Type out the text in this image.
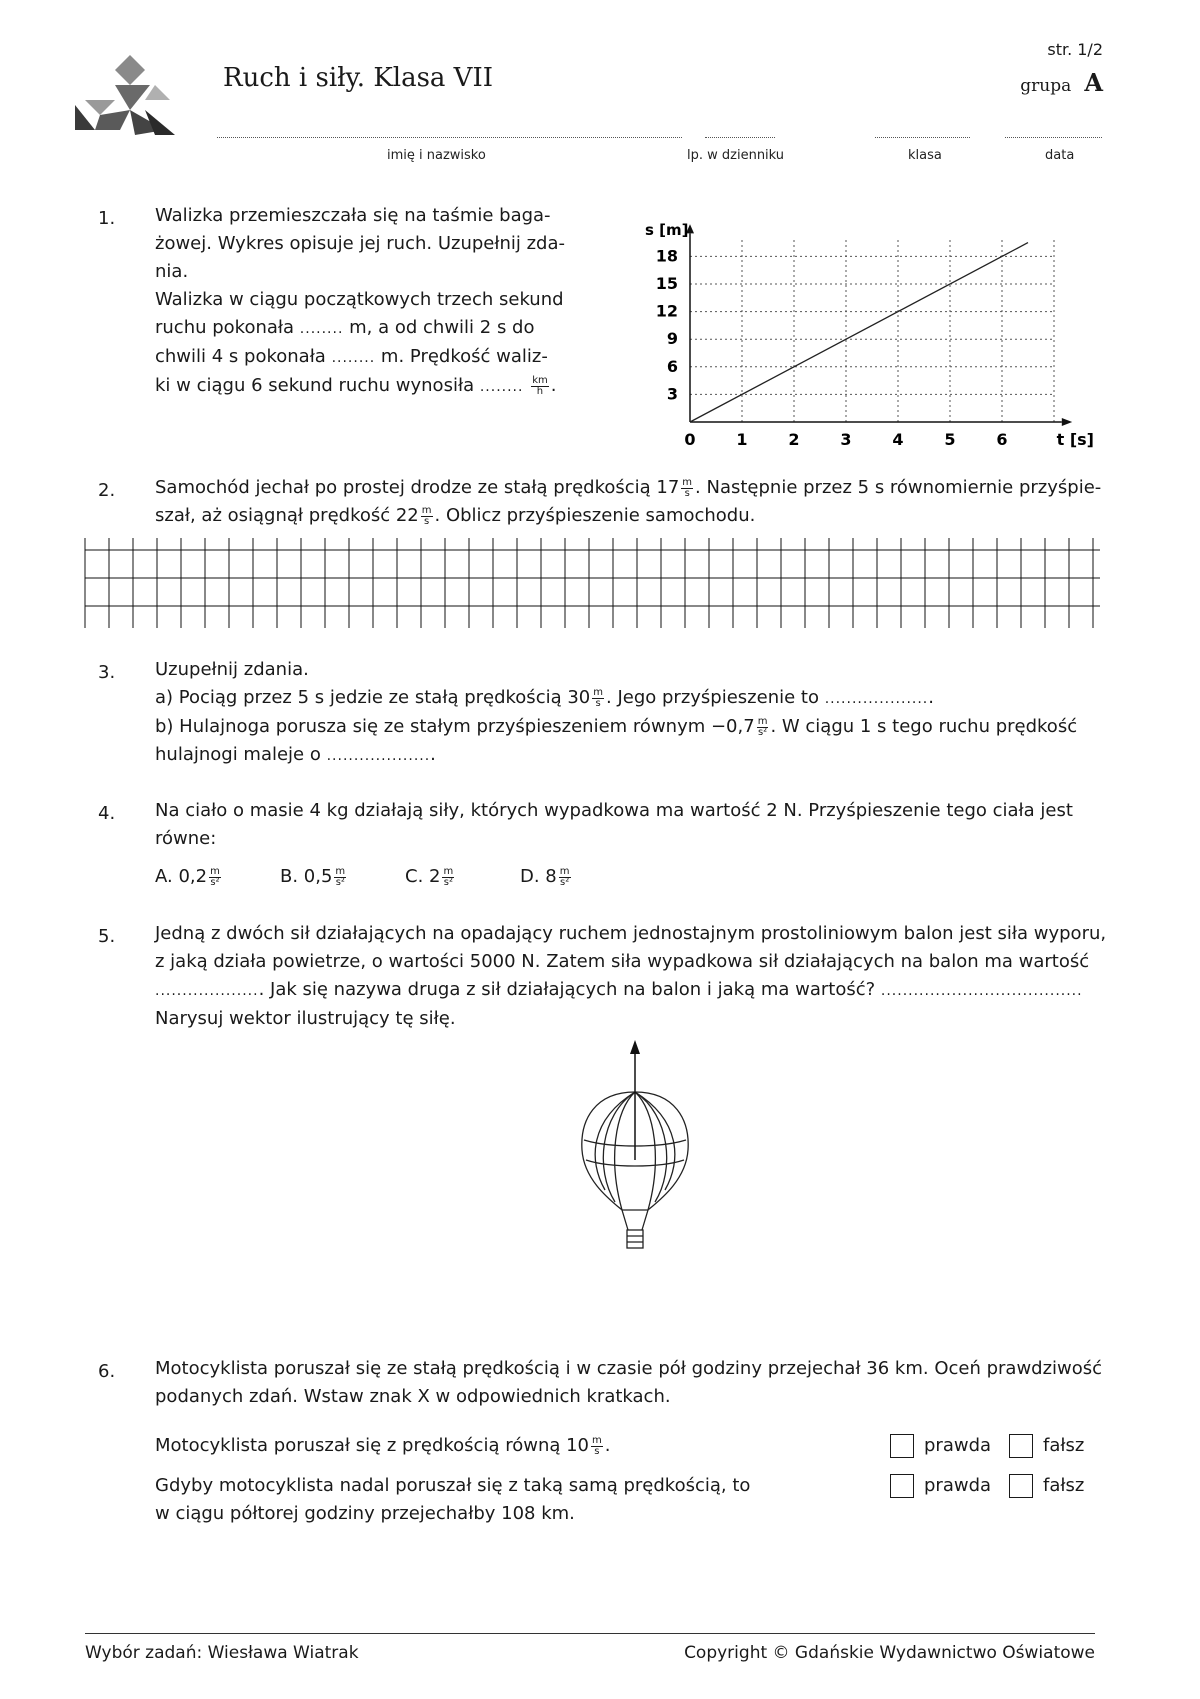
Ruch i siły. Klasa VII
str. 1/2
grupa A
imię i nazwisko	lp. w dzienniku	klasa	data
1. Walizka przemieszczała się na taśmie baga-
żowej. Wykres opisuje jej ruch. Uzupełnij zda-
nia.
Walizka w ciągu początkowych trzech sekund
ruchu pokonała ........ m, a od chwili 2 s do
chwili 4 s pokonała ........ m. Prędkość waliz-
ki w ciągu 6 sekund ruchu wynosiła ........ $\frac{km}{h}$ .
0	1	2	3	4	5	6
3
6
9
12
15
18
t [s]
s [m]
2. Samochód jechał po prostej drodze ze stałą prędkością $17 \frac{m}{s}$ . Następnie przez 5 s równomiernie przyśpie-
szał, aż osiągnął prędkość $22 \frac{m}{s}$ . Oblicz przyśpieszenie samochodu.
3. Uzupełnij zdania.
a) Pociąg przez 5 s jedzie ze stałą prędkością $30 \frac{m}{s}$ . Jego przyśpieszenie to ....................
b) Hulajnoga porusza się ze stałym przyśpieszeniem równym $-0,7 \frac{m}{\text{s²}}$ . W ciągu 1 s tego ruchu prędkość
hulajnogi maleje o ....................
4. Na ciało o masie 4 kg działają siły, których wypadkowa ma wartość 2 N. Przyśpieszenie tego ciała jest
równe:
A. $0,2 \frac{m}{\text{s²}}$	B. $0,5 \frac{m}{\text{s²}}$	C. $2 \frac{m}{\text{s²}}$	D. $8 \frac{m}{\text{s²}}$
5. Jedną z dwóch sił działających na opadający ruchem jednostajnym prostoliniowym balon jest siła wyporu,
z jaką działa powietrze, o wartości 5000 N. Zatem siła wypadkowa sił działających na balon ma wartość
.................... Jak się nazywa druga z sił działających na balon i jaką ma wartość? .....................................
Narysuj wektor ilustrujący tę siłę.
6. Motocyklista poruszał się ze stałą prędkością i w czasie pół godziny przejechał 36 km. Oceń prawdziwość
podanych zdań. Wstaw znak X w odpowiednich kratkach.
Motocyklista poruszał się z prędkością równą $10 \frac{m}{s}$ .
Gdyby motocyklista nadal poruszał się z taką samą prędkością, to
w ciągu półtorej godziny przejechałby 108 km.
prawda	fałsz
prawda	fałsz
Wybór zadań: Wiesława Wiatrak	Copyright © Gdańskie Wydawnictwo Oświatowe
